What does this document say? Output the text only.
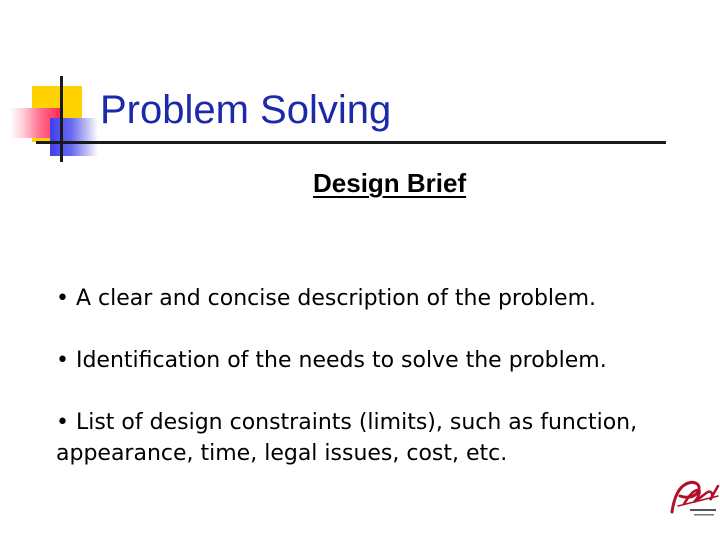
Problem Solving
Design Brief
• A clear and concise description of the problem.
• Identification of the needs to solve the problem.
• List of design constraints (limits), such as function, appearance, time, legal issues, cost, etc.
